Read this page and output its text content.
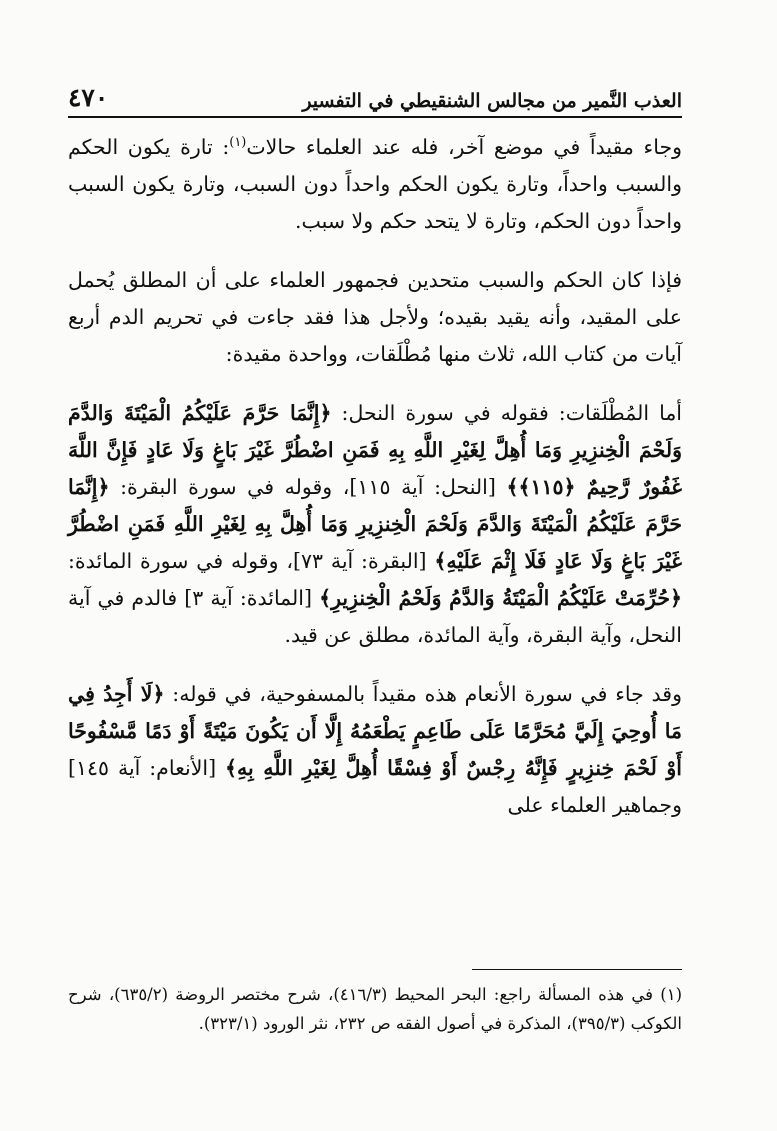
العذب النَّمير من مجالس الشنقيطي في التفسير
٤٧٠

وجاء مقيداً في موضع آخر، فله عند العلماء حالات$^{(١)}$: تارة يكون الحكم والسبب واحداً، وتارة يكون الحكم واحداً دون السبب، وتارة يكون السبب واحداً دون الحكم، وتارة لا يتحد حكم ولا سبب.

فإذا كان الحكم والسبب متحدين فجمهور العلماء على أن المطلق يُحمل على المقيد، وأنه يقيد بقيده؛ ولأجل هذا فقد جاءت في تحريم الدم أربع آيات من كتاب الله، ثلاث منها مُطْلَقات، وواحدة مقيدة:

أما المُطْلَقات: فقوله في سورة النحل: ﴿إِنَّمَا حَرَّمَ عَلَيْكُمُ الْمَيْتَةَ وَالدَّمَ وَلَحْمَ الْخِنزِيرِ وَمَا أُهِلَّ لِغَيْرِ اللَّهِ بِهِ فَمَنِ اضْطُرَّ غَيْرَ بَاغٍ وَلَا عَادٍ فَإِنَّ اللَّهَ غَفُورٌ رَّحِيمٌ ﴿١١٥﴾﴾ [النحل: آية ١١٥]، وقوله في سورة البقرة: ﴿إِنَّمَا حَرَّمَ عَلَيْكُمُ الْمَيْتَةَ وَالدَّمَ وَلَحْمَ الْخِنزِيرِ وَمَا أُهِلَّ بِهِ لِغَيْرِ اللَّهِ فَمَنِ اضْطُرَّ غَيْرَ بَاغٍ وَلَا عَادٍ فَلَا إِثْمَ عَلَيْهِ﴾ [البقرة: آية ٧٣]، وقوله في سورة المائدة: ﴿حُرِّمَتْ عَلَيْكُمُ الْمَيْتَةُ وَالدَّمُ وَلَحْمُ الْخِنزِيرِ﴾ [المائدة: آية ٣] فالدم في آية النحل، وآية البقرة، وآية المائدة، مطلق عن قيد.

وقد جاء في سورة الأنعام هذه مقيداً بالمسفوحية، في قوله: ﴿لَا أَجِدُ فِي مَا أُوحِيَ إِلَيَّ مُحَرَّمًا عَلَى طَاعِمٍ يَطْعَمُهُ إِلَّا أَن يَكُونَ مَيْتَةً أَوْ دَمًا مَّسْفُوحًا أَوْ لَحْمَ خِنزِيرٍ فَإِنَّهُ رِجْسٌ أَوْ فِسْقًا أُهِلَّ لِغَيْرِ اللَّهِ بِهِ﴾ [الأنعام: آية ١٤٥] وجماهير العلماء على

(١) في هذه المسألة راجع: البحر المحيط (٤١٦/٣)، شرح مختصر الروضة (٦٣٥/٢)، شرح الكوكب (٣٩٥/٣)، المذكرة في أصول الفقه ص ٢٣٢، نثر الورود (٣٢٣/١).
